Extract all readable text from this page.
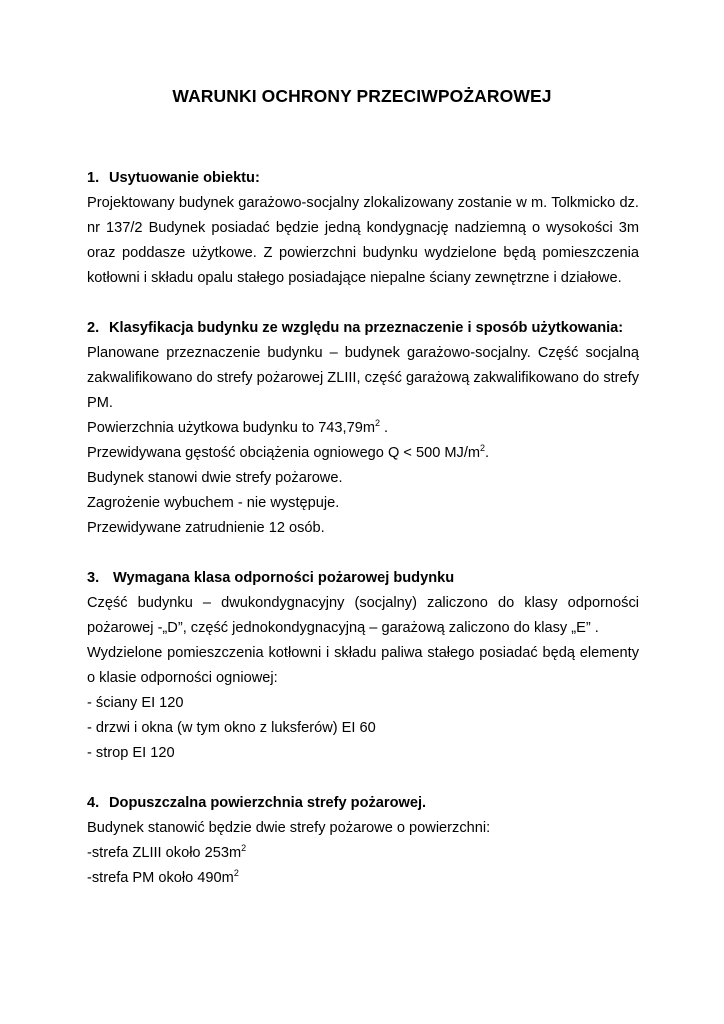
WARUNKI OCHRONY PRZECIWPOŻAROWEJ
1. Usytuowanie obiektu:
Projektowany budynek garażowo-socjalny zlokalizowany zostanie w m. Tolkmicko dz. nr 137/2 Budynek posiadać będzie jedną kondygnację nadziemną o wysokości 3m oraz poddasze użytkowe. Z powierzchni budynku wydzielone będą pomieszczenia kotłowni i składu opalu stałego posiadające niepalne ściany zewnętrzne i działowe.
2. Klasyfikacja budynku ze względu na przeznaczenie i sposób użytkowania:
Planowane przeznaczenie budynku – budynek garażowo-socjalny. Część socjalną zakwalifikowano do strefy pożarowej ZLIII, część garażową zakwalifikowano do strefy PM.
Powierzchnia użytkowa budynku to $743,79m^2$ .
Przewidywana gęstość obciążenia ogniowego Q < 500 $MJ/m^2$.
Budynek stanowi dwie strefy pożarowe.
Zagrożenie wybuchem - nie występuje.
Przewidywane zatrudnienie 12 osób.
3. Wymagana klasa odporności pożarowej budynku
Część budynku – dwukondygnacyjny (socjalny) zaliczono do klasy odporności pożarowej -„D”, część jednokondygnacyjną – garażową zaliczono do klasy „E” .
Wydzielone pomieszczenia kotłowni i składu paliwa stałego posiadać będą elementy o klasie odporności ogniowej:
- ściany EI 120
- drzwi i okna (w tym okno z luksferów) EI 60
- strop EI 120
4. Dopuszczalna powierzchnia strefy pożarowej.
Budynek stanowić będzie dwie strefy pożarowe o powierzchni:
-strefa ZLIII około $253m^2$
-strefa PM około $490m^2$
